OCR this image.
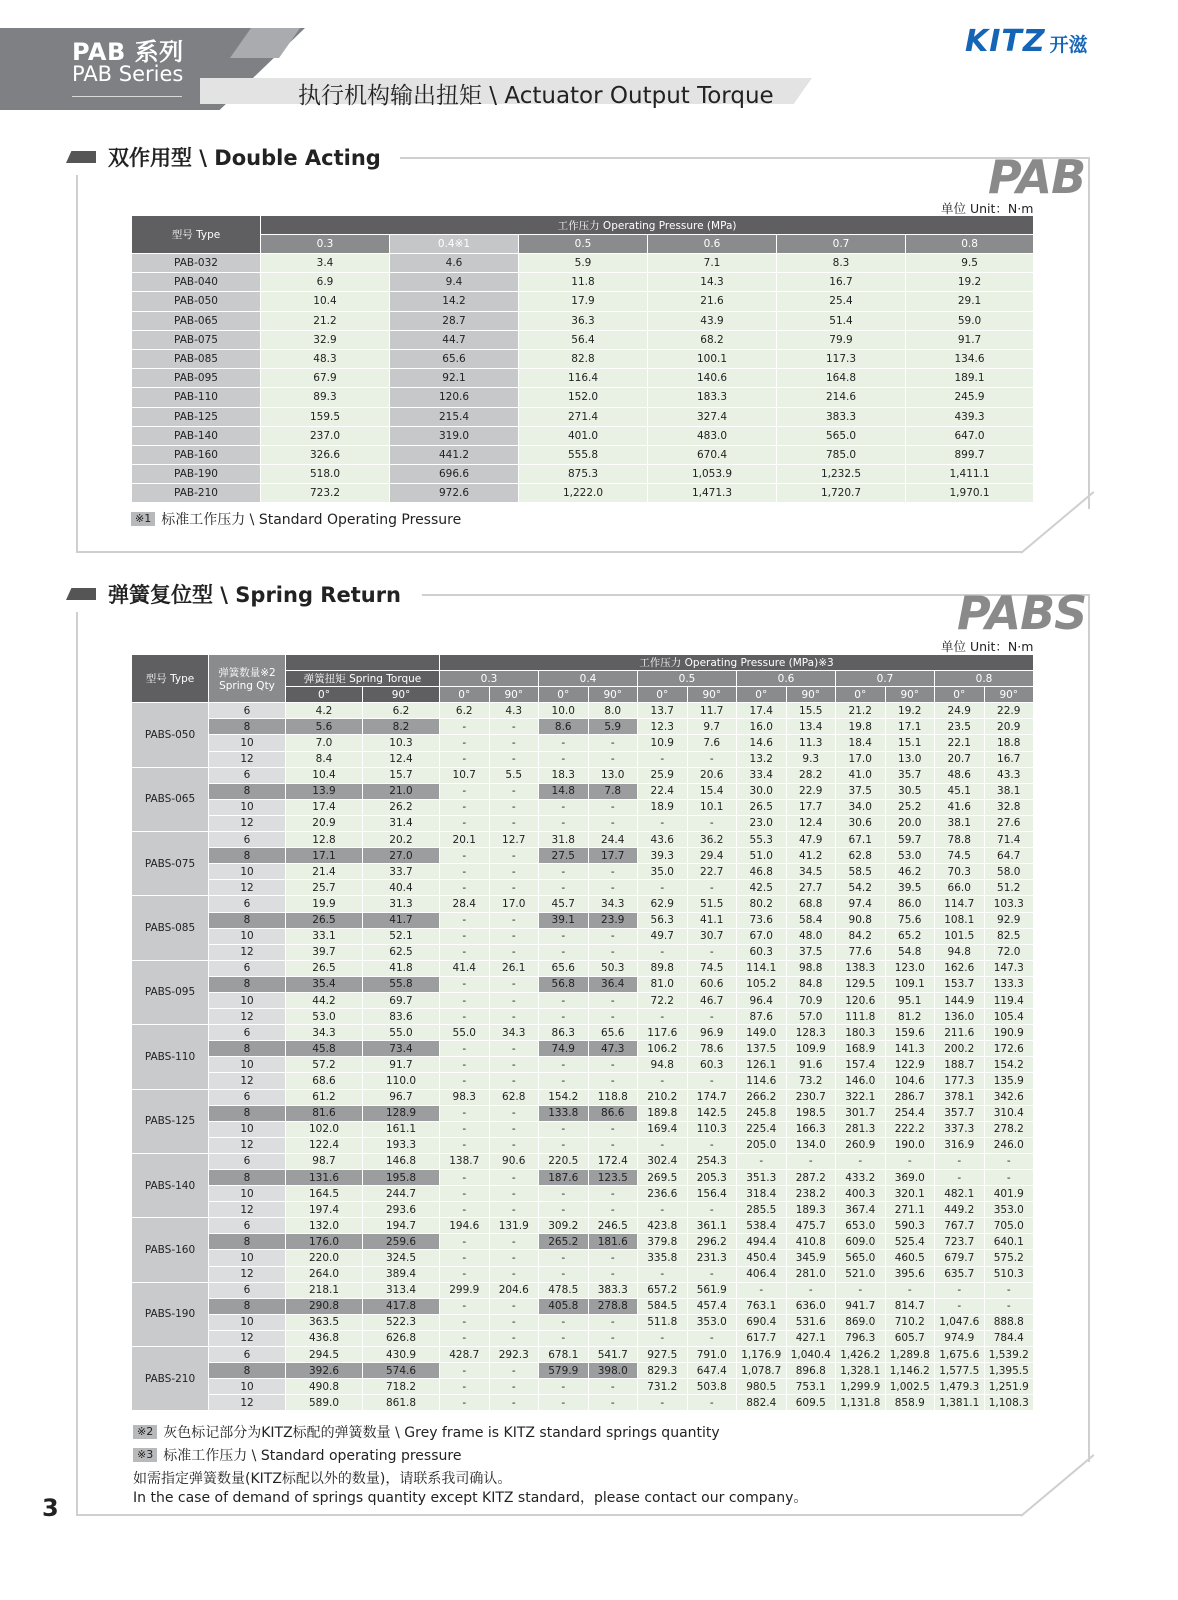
PAB 系列
PAB Series
执行机构输出扭矩 \ Actuator Output Torque
KITZ 开滋
双作用型 \ Double Acting	PAB
单位 Unit：N·m
型号 Type	工作压力 Operating Pressure (MPa)					
	0.3	0.4※1	0.5	0.6	0.7	0.8
PAB-032	3.4	4.6	5.9	7.1	8.3	9.5
PAB-040	6.9	9.4	11.8	14.3	16.7	19.2
PAB-050	10.4	14.2	17.9	21.6	25.4	29.1
PAB-065	21.2	28.7	36.3	43.9	51.4	59.0
PAB-075	32.9	44.7	56.4	68.2	79.9	91.7
PAB-085	48.3	65.6	82.8	100.1	117.3	134.6
PAB-095	67.9	92.1	116.4	140.6	164.8	189.1
PAB-110	89.3	120.6	152.0	183.3	214.6	245.9
PAB-125	159.5	215.4	271.4	327.4	383.3	439.3
PAB-140	237.0	319.0	401.0	483.0	565.0	647.0
PAB-160	326.6	441.2	555.8	670.4	785.0	899.7
PAB-190	518.0	696.6	875.3	1,053.9	1,232.5	1,411.1
PAB-210	723.2	972.6	1,222.0	1,471.3	1,720.7	1,970.1
※1 标准工作压力 \ Standard Operating Pressure
弹簧复位型 \ Spring Return	PABS
单位 Unit：N·m
型号 Type	弹簧数量※2
Spring Qty			工作压力 Operating Pressure (MPa)※3											
		弹簧扭矩 Spring Torque		0.3		0.4		0.5		0.6		0.7		0.8	
		0°	90°	0°	90°	0°	90°	0°	90°	0°	90°	0°	90°	0°	90°
PABS-050	6	4.2	6.2	6.2	4.3	10.0	8.0	13.7	11.7	17.4	15.5	21.2	19.2	24.9	22.9
	8	5.6	8.2	-	-	8.6	5.9	12.3	9.7	16.0	13.4	19.8	17.1	23.5	20.9
	10	7.0	10.3	-	-	-	-	10.9	7.6	14.6	11.3	18.4	15.1	22.1	18.8
	12	8.4	12.4	-	-	-	-	-	-	13.2	9.3	17.0	13.0	20.7	16.7
PABS-065	6	10.4	15.7	10.7	5.5	18.3	13.0	25.9	20.6	33.4	28.2	41.0	35.7	48.6	43.3
	8	13.9	21.0	-	-	14.8	7.8	22.4	15.4	30.0	22.9	37.5	30.5	45.1	38.1
	10	17.4	26.2	-	-	-	-	18.9	10.1	26.5	17.7	34.0	25.2	41.6	32.8
	12	20.9	31.4	-	-	-	-	-	-	23.0	12.4	30.6	20.0	38.1	27.6
PABS-075	6	12.8	20.2	20.1	12.7	31.8	24.4	43.6	36.2	55.3	47.9	67.1	59.7	78.8	71.4
	8	17.1	27.0	-	-	27.5	17.7	39.3	29.4	51.0	41.2	62.8	53.0	74.5	64.7
	10	21.4	33.7	-	-	-	-	35.0	22.7	46.8	34.5	58.5	46.2	70.3	58.0
	12	25.7	40.4	-	-	-	-	-	-	42.5	27.7	54.2	39.5	66.0	51.2
PABS-085	6	19.9	31.3	28.4	17.0	45.7	34.3	62.9	51.5	80.2	68.8	97.4	86.0	114.7	103.3
	8	26.5	41.7	-	-	39.1	23.9	56.3	41.1	73.6	58.4	90.8	75.6	108.1	92.9
	10	33.1	52.1	-	-	-	-	49.7	30.7	67.0	48.0	84.2	65.2	101.5	82.5
	12	39.7	62.5	-	-	-	-	-	-	60.3	37.5	77.6	54.8	94.8	72.0
PABS-095	6	26.5	41.8	41.4	26.1	65.6	50.3	89.8	74.5	114.1	98.8	138.3	123.0	162.6	147.3
	8	35.4	55.8	-	-	56.8	36.4	81.0	60.6	105.2	84.8	129.5	109.1	153.7	133.3
	10	44.2	69.7	-	-	-	-	72.2	46.7	96.4	70.9	120.6	95.1	144.9	119.4
	12	53.0	83.6	-	-	-	-	-	-	87.6	57.0	111.8	81.2	136.0	105.4
PABS-110	6	34.3	55.0	55.0	34.3	86.3	65.6	117.6	96.9	149.0	128.3	180.3	159.6	211.6	190.9
	8	45.8	73.4	-	-	74.9	47.3	106.2	78.6	137.5	109.9	168.9	141.3	200.2	172.6
	10	57.2	91.7	-	-	-	-	94.8	60.3	126.1	91.6	157.4	122.9	188.7	154.2
	12	68.6	110.0	-	-	-	-	-	-	114.6	73.2	146.0	104.6	177.3	135.9
PABS-125	6	61.2	96.7	98.3	62.8	154.2	118.8	210.2	174.7	266.2	230.7	322.1	286.7	378.1	342.6
	8	81.6	128.9	-	-	133.8	86.6	189.8	142.5	245.8	198.5	301.7	254.4	357.7	310.4
	10	102.0	161.1	-	-	-	-	169.4	110.3	225.4	166.3	281.3	222.2	337.3	278.2
	12	122.4	193.3	-	-	-	-	-	-	205.0	134.0	260.9	190.0	316.9	246.0
PABS-140	6	98.7	146.8	138.7	90.6	220.5	172.4	302.4	254.3	-	-	-	-	-	-
	8	131.6	195.8	-	-	187.6	123.5	269.5	205.3	351.3	287.2	433.2	369.0	-	-
	10	164.5	244.7	-	-	-	-	236.6	156.4	318.4	238.2	400.3	320.1	482.1	401.9
	12	197.4	293.6	-	-	-	-	-	-	285.5	189.3	367.4	271.1	449.2	353.0
PABS-160	6	132.0	194.7	194.6	131.9	309.2	246.5	423.8	361.1	538.4	475.7	653.0	590.3	767.7	705.0
	8	176.0	259.6	-	-	265.2	181.6	379.8	296.2	494.4	410.8	609.0	525.4	723.7	640.1
	10	220.0	324.5	-	-	-	-	335.8	231.3	450.4	345.9	565.0	460.5	679.7	575.2
	12	264.0	389.4	-	-	-	-	-	-	406.4	281.0	521.0	395.6	635.7	510.3
PABS-190	6	218.1	313.4	299.9	204.6	478.5	383.3	657.2	561.9	-	-	-	-	-	-
	8	290.8	417.8	-	-	405.8	278.8	584.5	457.4	763.1	636.0	941.7	814.7	-	-
	10	363.5	522.3	-	-	-	-	511.8	353.0	690.4	531.6	869.0	710.2	1,047.6	888.8
	12	436.8	626.8	-	-	-	-	-	-	617.7	427.1	796.3	605.7	974.9	784.4
PABS-210	6	294.5	430.9	428.7	292.3	678.1	541.7	927.5	791.0	1,176.9	1,040.4	1,426.2	1,289.8	1,675.6	1,539.2
	8	392.6	574.6	-	-	579.9	398.0	829.3	647.4	1,078.7	896.8	1,328.1	1,146.2	1,577.5	1,395.5
	10	490.8	718.2	-	-	-	-	731.2	503.8	980.5	753.1	1,299.9	1,002.5	1,479.3	1,251.9
	12	589.0	861.8	-	-	-	-	-	-	882.4	609.5	1,131.8	858.9	1,381.1	1,108.3
※2 灰色标记部分为KITZ标配的弹簧数量 \ Grey frame is KITZ standard springs quantity
※3 标准工作压力 \ Standard operating pressure
如需指定弹簧数量(KITZ标配以外的数量)，请联系我司确认。
In the case of demand of springs quantity except KITZ standard，please contact our company。
3
